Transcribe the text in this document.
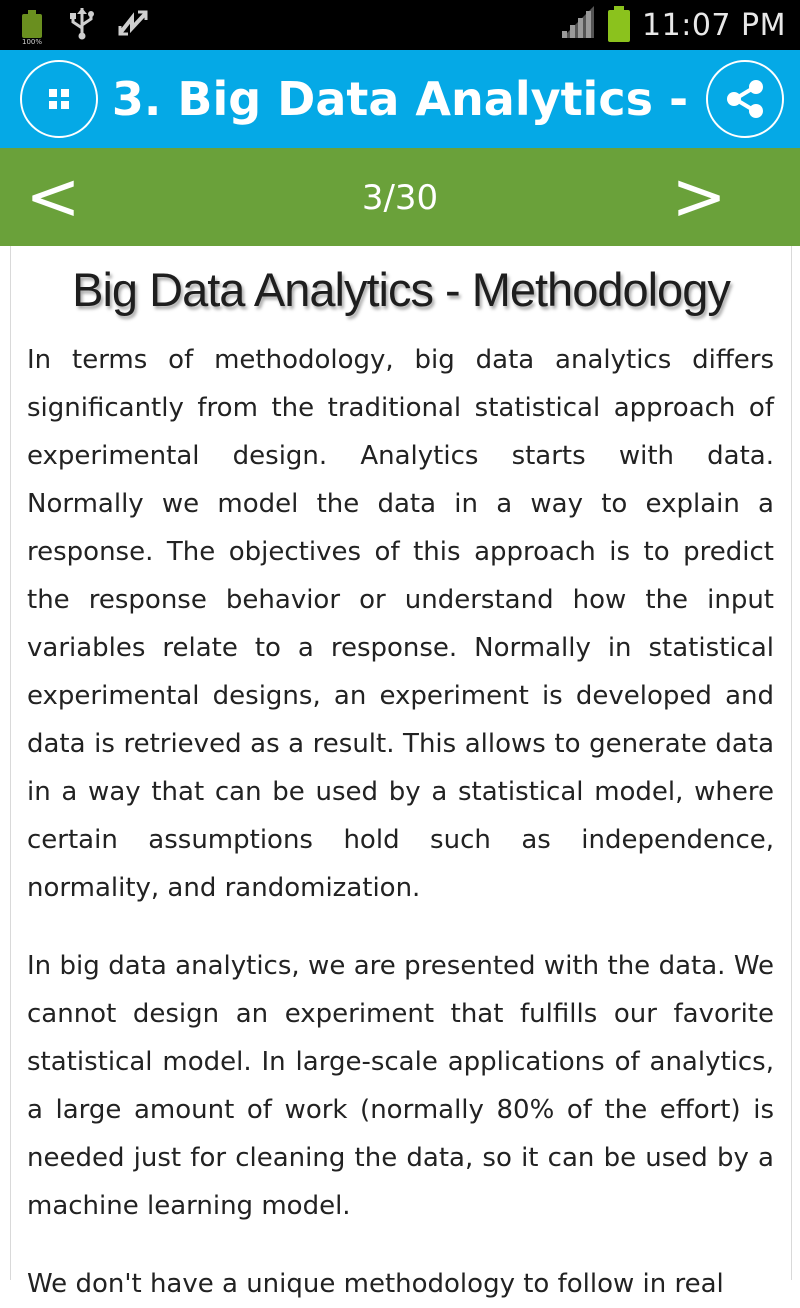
100%	11:07 PM
3. Big Data Analytics -
<	3/30	>
Big Data Analytics - Methodology

In terms of methodology, big data analytics differs significantly from the traditional statistical approach of experimental design. Analytics starts with data. Normally we model the data in a way to explain a response. The objectives of this approach is to predict the response behavior or understand how the input variables relate to a response. Normally in statistical experimental designs, an experiment is developed and data is retrieved as a result. This allows to generate data in a way that can be used by a statistical model, where certain assumptions hold such as independence, normality, and randomization.

In big data analytics, we are presented with the data. We cannot design an experiment that fulfills our favorite statistical model. In large-scale applications of analytics, a large amount of work (normally 80% of the effort) is needed just for cleaning the data, so it can be used by a machine learning model.

We don't have a unique methodology to follow in real
